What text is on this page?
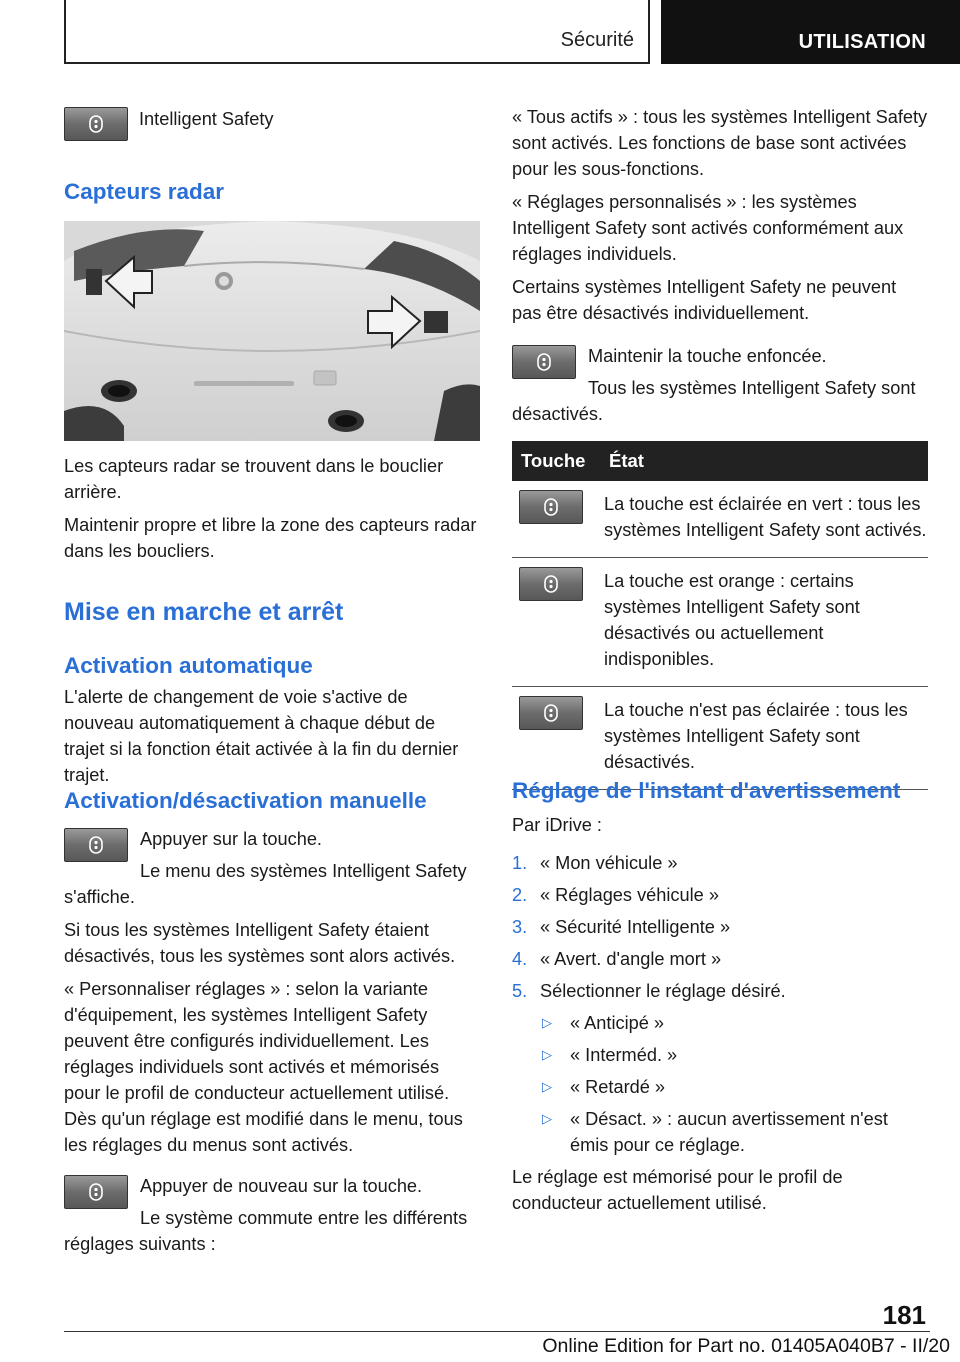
Sécurité	UTILISATION
Intelligent Safety
Capteurs radar

Les capteurs radar se trouvent dans le bouclier arrière.

Maintenir propre et libre la zone des capteurs radar dans les boucliers.

Mise en marche et arrêt
Activation automatique
L'alerte de changement de voie s'active de nouveau automatiquement à chaque début de trajet si la fonction était activée à la fin du dernier trajet.
Activation/désactivation manuelle

Appuyer sur la touche.

Le menu des systèmes Intelligent Safety s'affiche.

Si tous les systèmes Intelligent Safety étaient désactivés, tous les systèmes sont alors activés.

« Personnaliser réglages » : selon la variante d'équipement, les systèmes Intelligent Safety peuvent être configurés individuellement. Les réglages individuels sont activés et mémorisés pour le profil de conducteur actuellement utilisé. Dès qu'un réglage est modifié dans le menu, tous les réglages du menus sont activés.

Appuyer de nouveau sur la touche.

Le système commute entre les différents réglages suivants :

« Tous actifs » : tous les systèmes Intelligent Safety sont activés. Les fonctions de base sont activées pour les sous-fonctions.

« Réglages personnalisés » : les systèmes Intelligent Safety sont activés conformément aux réglages individuels.

Certains systèmes Intelligent Safety ne peuvent pas être désactivés individuellement.

Maintenir la touche enfoncée.

Tous les systèmes Intelligent Safety sont désactivés.

Touche	État

	La touche est éclairée en vert : tous les systèmes Intelligent Safety sont activés.

	La touche est orange : certains systèmes Intelligent Safety sont désactivés ou actuellement indisponibles.

	La touche n'est pas éclairée : tous les systèmes Intelligent Safety sont désactivés.
Réglage de l'instant d'avertissement
Par iDrive :
1. « Mon véhicule »
2. « Réglages véhicule »
3. « Sécurité Intelligente »
4. « Avert. d'angle mort »
5. Sélectionner le réglage désiré.
▷ « Anticipé »
▷ « Interméd. »
▷ « Retardé »
▷ « Désact. » : aucun avertissement n'est émis pour ce réglage.

Le réglage est mémorisé pour le profil de conducteur actuellement utilisé.

181
Online Edition for Part no. 01405A040B7 - II/20
